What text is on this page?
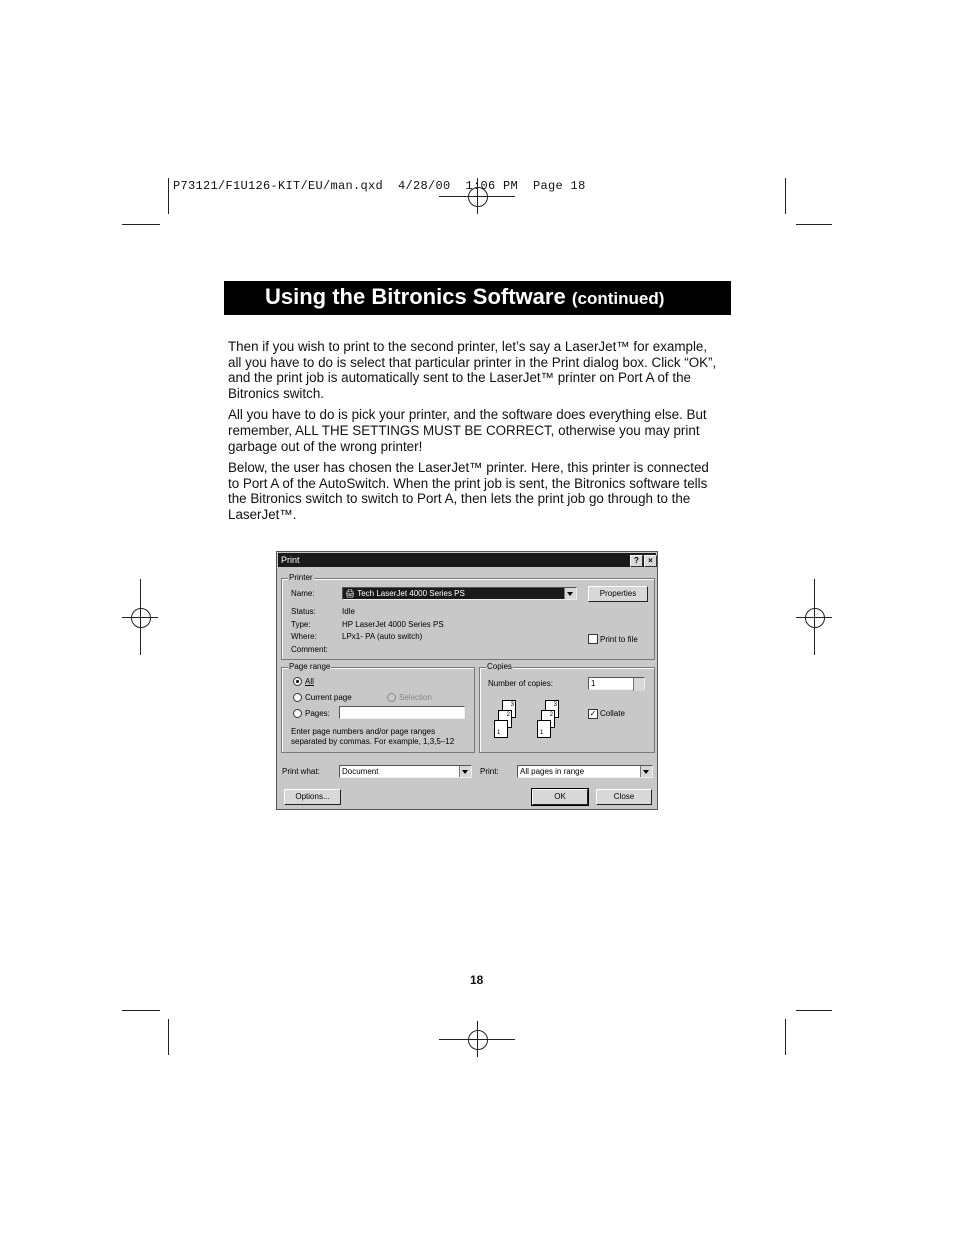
P73121/F1U126-KIT/EU/man.qxd  4/28/00  1:06 PM  Page 18
Using the Bitronics Software (continued)

Then if you wish to print to the second printer, let’s say a LaserJet™ for example, all you have to do is select that particular printer in the Print dialog box. Click “OK”, and the print job is automatically sent to the LaserJet™ printer on Port A of the Bitronics switch.

All you have to do is pick your printer, and the software does everything else. But remember, ALL THE SETTINGS MUST BE CORRECT, otherwise you may print garbage out of the wrong printer!

Below, the user has chosen the LaserJet™ printer. Here, this printer is connected to Port A of the AutoSwitch. When the print job is sent, the Bitronics software tells the Bitronics switch to switch to Port A, then lets the print job go through to the LaserJet™.

Print	?	×
Printer
Name:	🖨 Tech LaserJet 4000 Series PS	Properties
Status:	Idle
Type:	HP LaserJet 4000 Series PS
Where:	LPx1- PA (auto switch)
Comment:
Print to file
Page range
All
Current page	Selection
Pages:
Enter page numbers and/or page ranges
separated by commas. For example, 1,3,5–12
Copies
Number of copies:	1
3
2
1
3
2
1
✓ Collate
Print what:	Document	Print:	All pages in range
Options...	OK	Close
18
